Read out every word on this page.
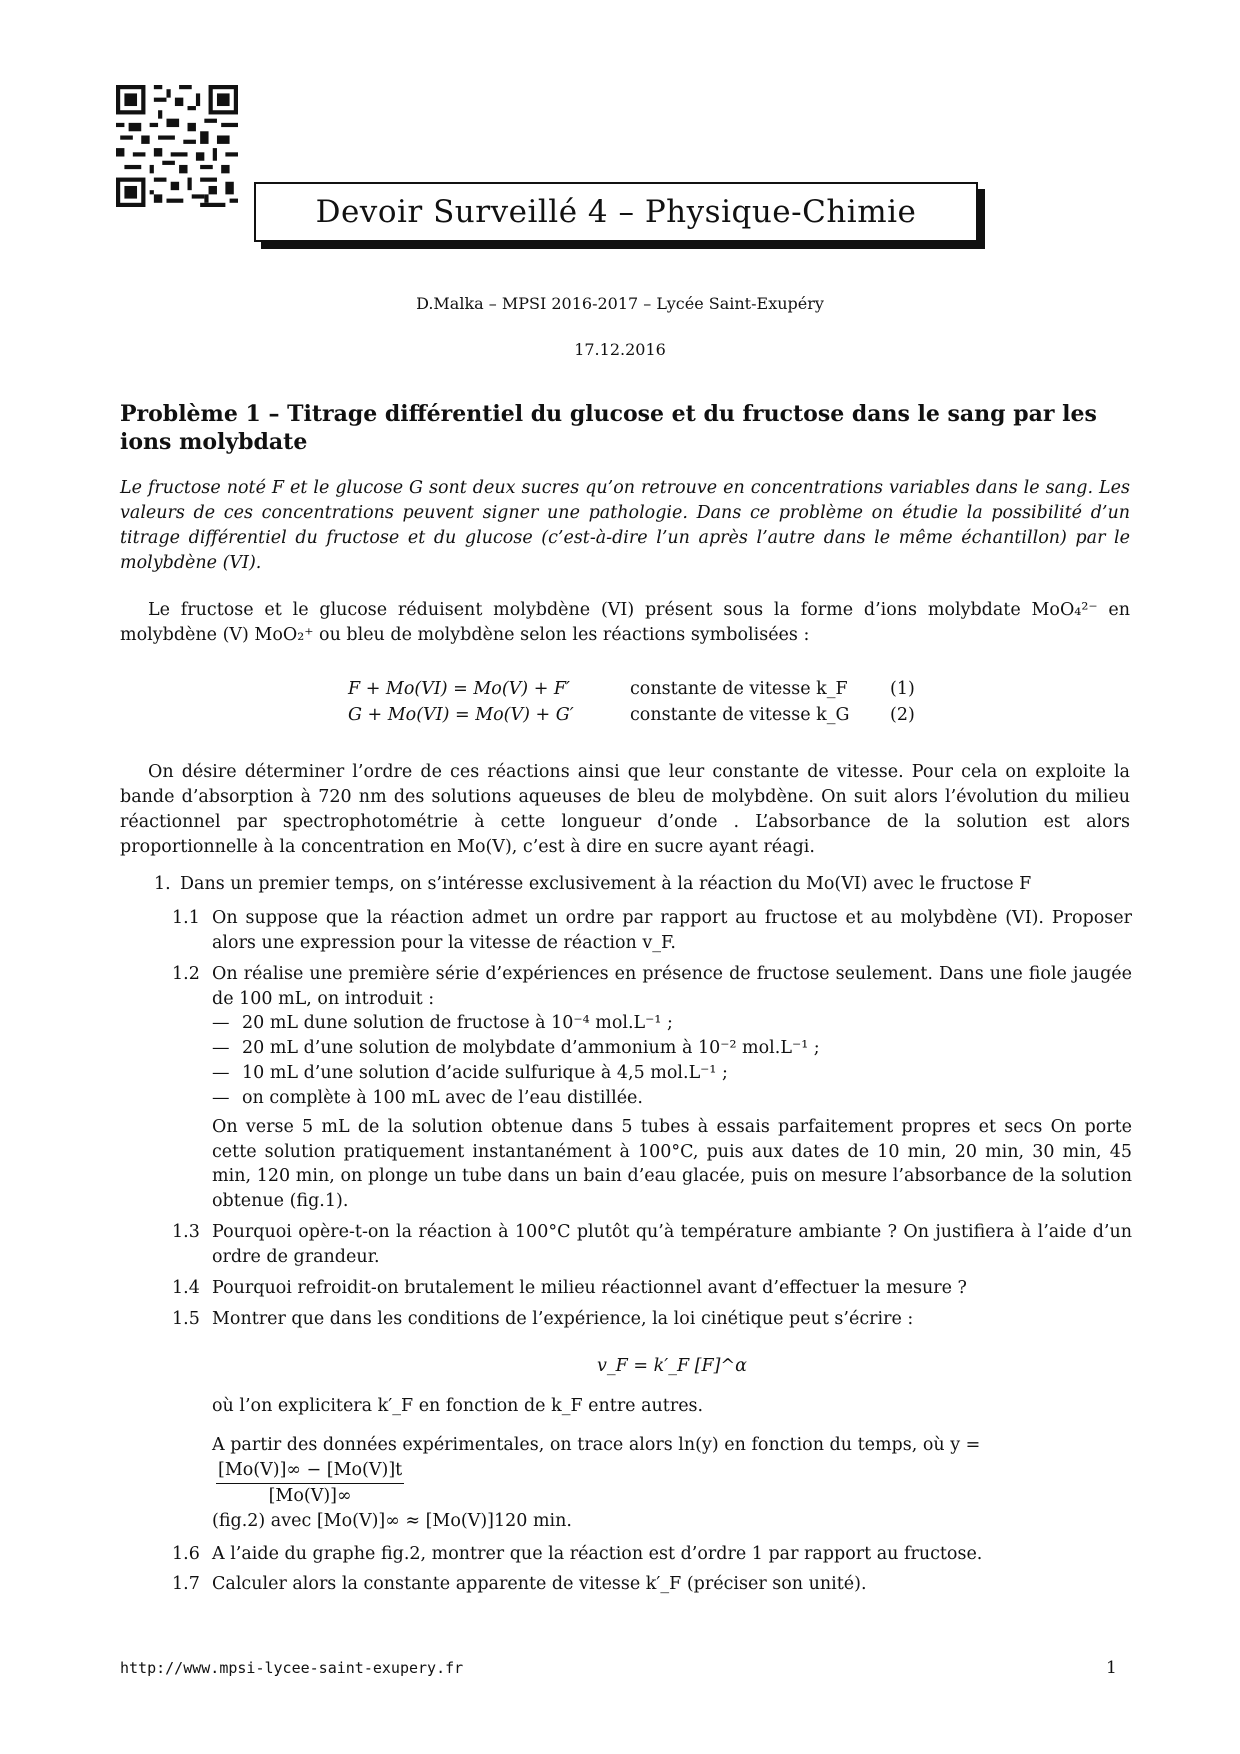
Devoir Surveillé 4 – Physique-Chimie
D.Malka – MPSI 2016-2017 – Lycée Saint-Exupéry
17.12.2016
Problème 1 – Titrage différentiel du glucose et du fructose dans le sang par les ions molybdate
Le fructose noté F et le glucose G sont deux sucres qu’on retrouve en concentrations variables dans le sang. Les valeurs de ces concentrations peuvent signer une pathologie. Dans ce problème on étudie la possibilité d’un titrage différentiel du fructose et du glucose (c’est-à-dire l’un après l’autre dans le même échantillon) par le molybdène (VI).

Le fructose et le glucose réduisent molybdène (VI) présent sous la forme d’ions molybdate MoO₄²⁻ en molybdène (V) MoO₂⁺ ou bleu de molybdène selon les réactions symbolisées :

F + Mo(VI) = Mo(V) + F′	constante de vitesse k_F	(1)
G + Mo(VI) = Mo(V) + G′	constante de vitesse k_G	(2)

On désire déterminer l’ordre de ces réactions ainsi que leur constante de vitesse. Pour cela on exploite la bande d’absorption à 720 nm des solutions aqueuses de bleu de molybdène. On suit alors l’évolution du milieu réactionnel par spectrophotométrie à cette longueur d’onde . L’absorbance de la solution est alors proportionnelle à la concentration en Mo(V), c’est à dire en sucre ayant réagi.

1. Dans un premier temps, on s’intéresse exclusivement à la réaction du Mo(VI) avec le fructose F
1.1 On suppose que la réaction admet un ordre par rapport au fructose et au molybdène (VI). Proposer alors une expression pour la vitesse de réaction v_F.
1.2 On réalise une première série d’expériences en présence de fructose seulement. Dans une fiole jaugée de 100 mL, on introduit :
— 20 mL dune solution de fructose à 10⁻⁴ mol.L⁻¹ ;
— 20 mL d’une solution de molybdate d’ammonium à 10⁻² mol.L⁻¹ ;
— 10 mL d’une solution d’acide sulfurique à 4,5 mol.L⁻¹ ;
— on complète à 100 mL avec de l’eau distillée.
On verse 5 mL de la solution obtenue dans 5 tubes à essais parfaitement propres et secs On porte cette solution pratiquement instantanément à 100°C, puis aux dates de 10 min, 20 min, 30 min, 45 min, 120 min, on plonge un tube dans un bain d’eau glacée, puis on mesure l’absorbance de la solution obtenue (fig.1).
1.3 Pourquoi opère-t-on la réaction à 100°C plutôt qu’à température ambiante ? On justifiera à l’aide d’un ordre de grandeur.
1.4 Pourquoi refroidit-on brutalement le milieu réactionnel avant d’effectuer la mesure ?
1.5 Montrer que dans les conditions de l’expérience, la loi cinétique peut s’écrire :
v_F = k′_F [F]^α
où l’on explicitera k′_F en fonction de k_F entre autres.
A partir des données expérimentales, on trace alors ln(y) en fonction du temps, où y =
$\frac{[Mo(V)]\infty - [Mo(V)]t}{[Mo(V)]\infty}$
(fig.2) avec [Mo(V)]∞ ≈ [Mo(V)]120 min.
1.6 A l’aide du graphe fig.2, montrer que la réaction est d’ordre 1 par rapport au fructose.
1.7 Calculer alors la constante apparente de vitesse k′_F (préciser son unité).
http://www.mpsi-lycee-saint-exupery.fr	1
